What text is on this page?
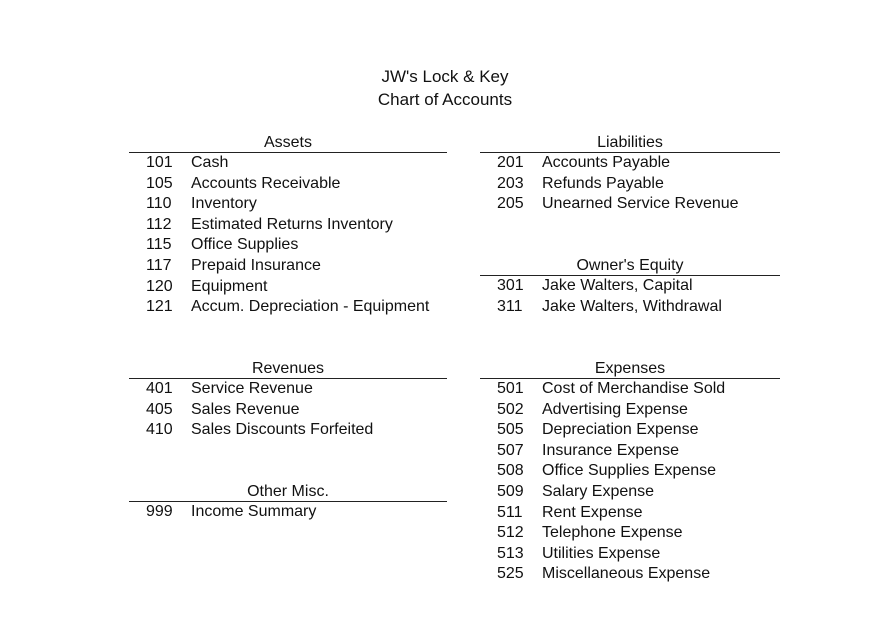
JW's Lock & Key
Chart of Accounts
Assets
101 Cash
105 Accounts Receivable
110 Inventory
112 Estimated Returns Inventory
115 Office Supplies
117 Prepaid Insurance
120 Equipment
121 Accum. Depreciation - Equipment
Liabilities
201 Accounts Payable
203 Refunds Payable
205 Unearned Service Revenue
Owner's Equity
301 Jake Walters, Capital
311 Jake Walters, Withdrawal
Revenues
401 Service Revenue
405 Sales Revenue
410 Sales Discounts Forfeited
Other Misc.
999 Income Summary
Expenses
501 Cost of Merchandise Sold
502 Advertising Expense
505 Depreciation Expense
507 Insurance Expense
508 Office Supplies Expense
509 Salary Expense
511 Rent Expense
512 Telephone Expense
513 Utilities Expense
525 Miscellaneous Expense
